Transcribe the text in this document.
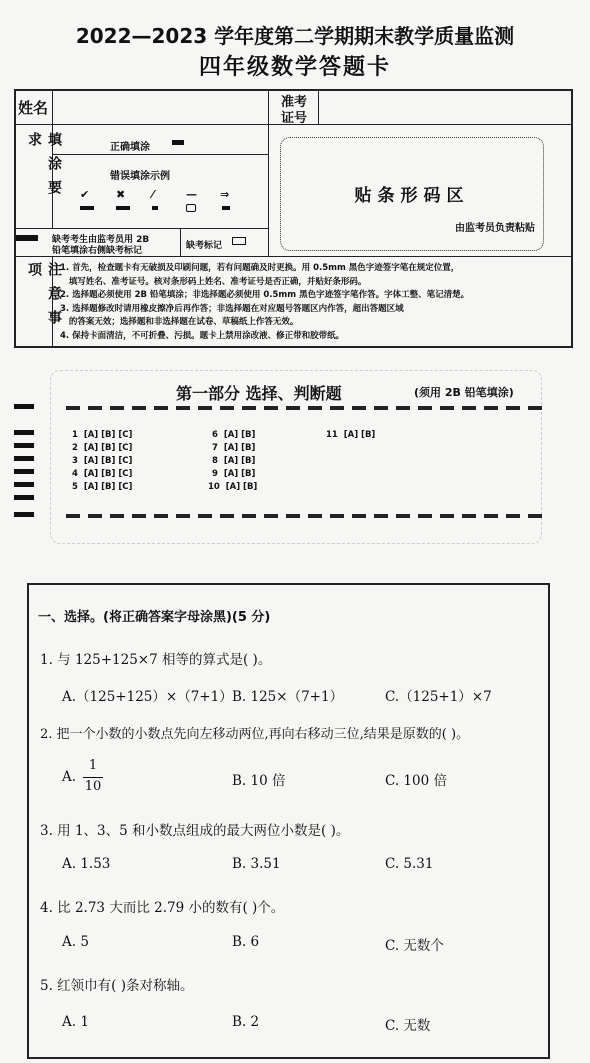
2022—2023 学年度第二学期期末教学质量监测
四年级数学答题卡
姓名	准考
证号
填涂要求	正确填涂
错误填涂示例
✔ ✖ ⁄	— ⇒
缺考考生由监考员用 2B
铅笔填涂右侧缺考标记	缺考标记
贴条形码区
由监考员负责粘贴
注意事项	1. 首先，检查题卡有无破损及印刷问题，若有问题确及时更换。用 0.5mm 黑色字迹签字笔在规定位置，
填写姓名、准考证号。核对条形码上姓名、准考证号是否正确，并贴好条形码。
2. 选择题必须使用 2B 铅笔填涂；非选择题必须使用 0.5mm 黑色字迹签字笔作答。字体工整、笔记清楚。
3. 选择题修改时请用橡皮擦净后再作答；非选择题在对应题号答题区内作答，超出答题区域
的答案无效；选择题和非选择题在试卷、草稿纸上作答无效。
4. 保持卡面清洁，不可折叠、污损。题卡上禁用涂改液、修正带和胶带纸。
第一部分 选择、判断题	(须用 2B 铅笔填涂)
1  [A] [B] [C]
2  [A] [B] [C]
3  [A] [B] [C]
4  [A] [B] [C]
5  [A] [B] [C]
6  [A] [B]
7  [A] [B]
8  [A] [B]
9  [A] [B]
10  [A] [B]
11  [A] [B]
一、选择。(将正确答案字母涂黑)(5 分)
1. 与 125+125×7 相等的算式是( )。
A.（125+125）×（7+1） B. 125×（7+1）	C.（125+1）×7
2. 把一个小数的小数点先向左移动两位,再向右移动三位,结果是原数的( )。
A.
1
10	B. 10 倍	C. 100 倍
3. 用 1、3、5 和小数点组成的最大两位小数是( )。
A. 1.53	B. 3.51	C. 5.31
4. 比 2.73 大而比 2.79 小的数有( )个。
A. 5	B. 6	C. 无数个
5. 红领巾有( )条对称轴。
A. 1	B. 2	C. 无数
